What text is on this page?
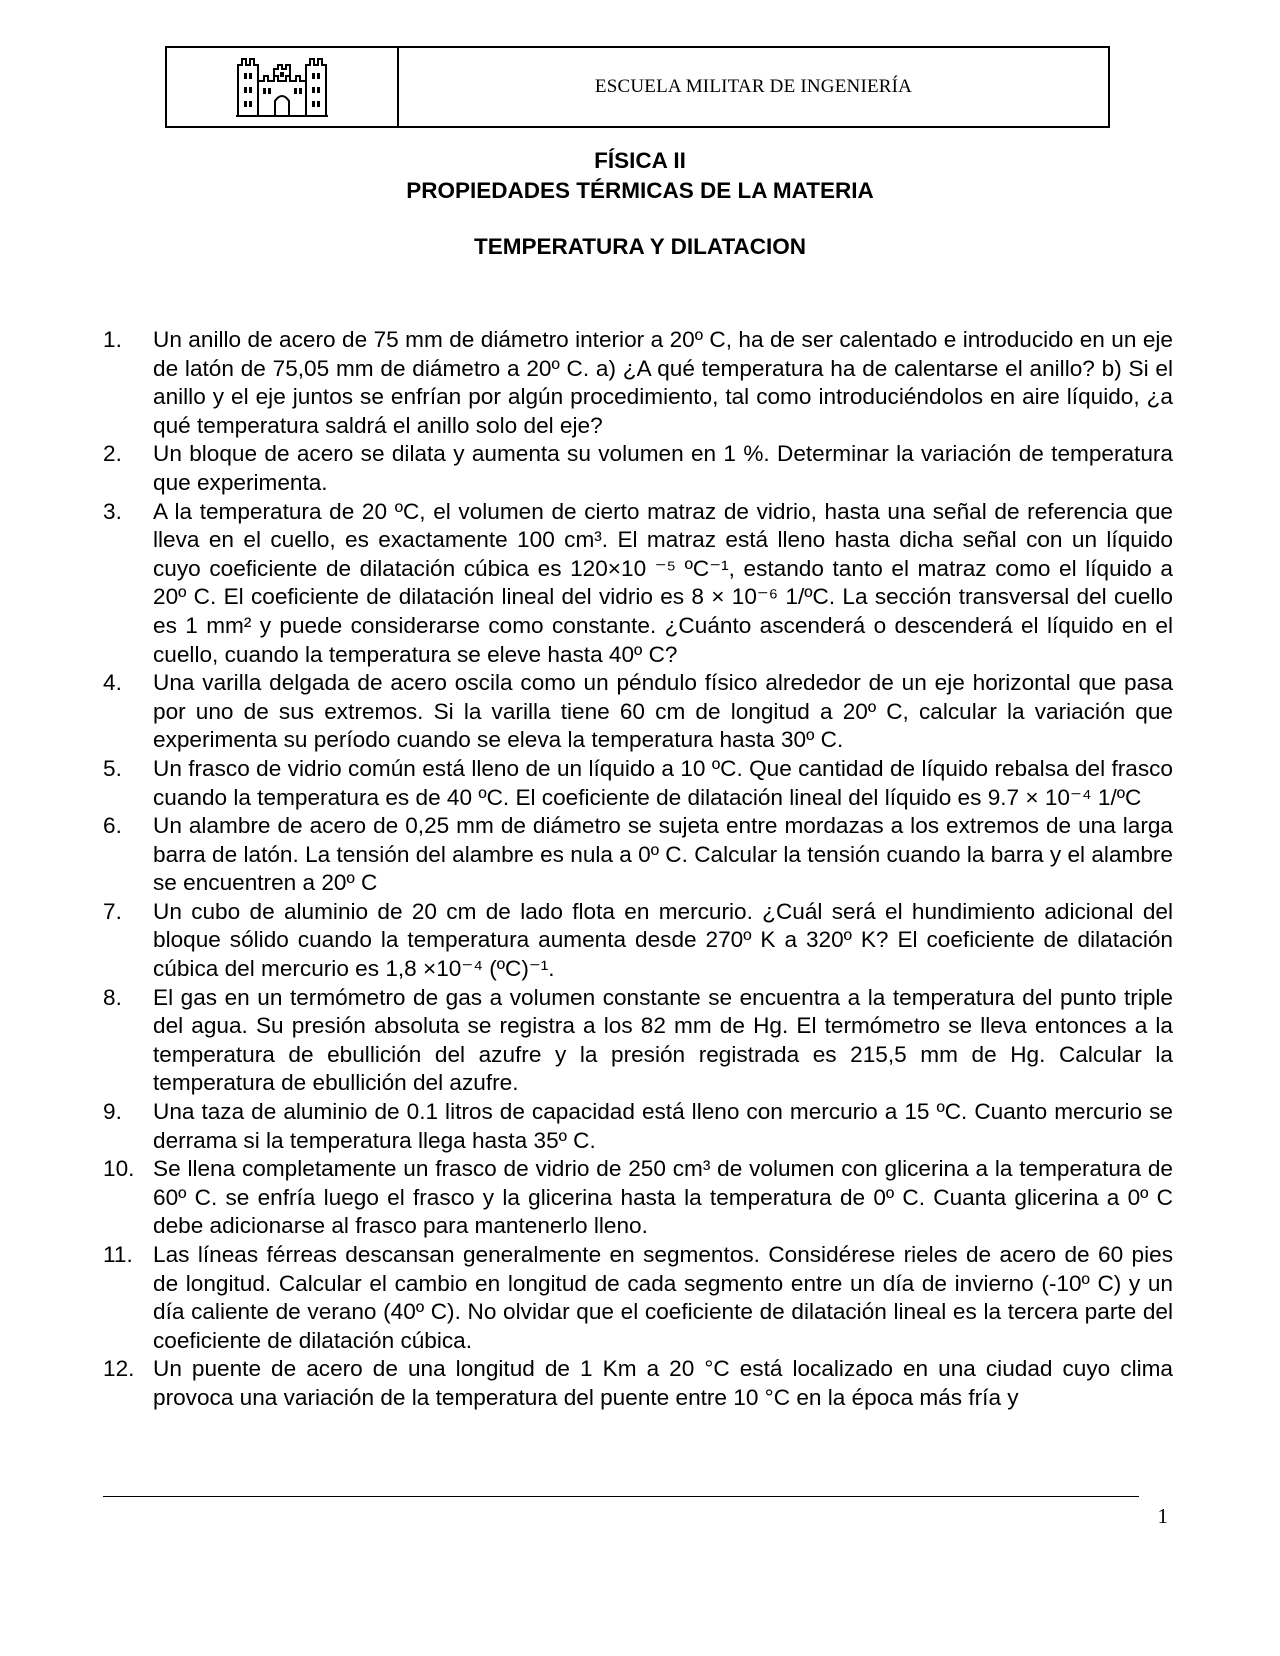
ESCUELA MILITAR DE INGENIERÍA
FÍSICA II
PROPIEDADES TÉRMICAS DE LA MATERIA
TEMPERATURA Y DILATACION
1.	Un anillo de acero de 75 mm de diámetro interior a 20º C, ha de ser calentado e introducido en un eje de latón de 75,05 mm de diámetro a 20º C. a) ¿A qué temperatura ha de calentarse el anillo? b) Si el anillo y el eje juntos se enfrían por algún procedimiento, tal como introduciéndolos en aire líquido, ¿a qué temperatura saldrá el anillo solo del eje?
2.	Un bloque de acero se dilata y aumenta su volumen en 1 %. Determinar la variación de temperatura que experimenta.
3.	A la temperatura de 20 ºC, el volumen de cierto matraz de vidrio, hasta una señal de referencia que lleva en el cuello, es exactamente 100 cm³. El matraz está lleno hasta dicha señal con un líquido cuyo coeficiente de dilatación cúbica es 120×10 ⁻⁵ ºC⁻¹, estando tanto el matraz como el líquido a 20º C. El coeficiente de dilatación lineal del vidrio es 8 × 10⁻⁶ 1/ºC. La sección transversal del cuello es 1 mm² y puede considerarse como constante. ¿Cuánto ascenderá o descenderá el líquido en el cuello, cuando la temperatura se eleve hasta 40º C?
4.	Una varilla delgada de acero oscila como un péndulo físico alrededor de un eje horizontal que pasa por uno de sus extremos. Si la varilla tiene 60 cm de longitud a 20º C, calcular la variación que experimenta su período cuando se eleva la temperatura hasta 30º C.
5.	Un frasco de vidrio común está lleno de un líquido a 10 ºC. Que cantidad de líquido rebalsa del frasco cuando la temperatura es de 40 ºC. El coeficiente de dilatación lineal del líquido es 9.7 × 10⁻⁴ 1/ºC
6.	Un alambre de acero de 0,25 mm de diámetro se sujeta entre mordazas a los extremos de una larga barra de latón. La tensión del alambre es nula a 0º C. Calcular la tensión cuando la barra y el alambre se encuentren a 20º C
7.	Un cubo de aluminio de 20 cm de lado flota en mercurio. ¿Cuál será el hundimiento adicional del bloque sólido cuando la temperatura aumenta desde 270º K a 320º K? El coeficiente de dilatación cúbica del mercurio es 1,8 ×10⁻⁴ (ºC)⁻¹.
8.	El gas en un termómetro de gas a volumen constante se encuentra a la temperatura del punto triple del agua. Su presión absoluta se registra a los 82 mm de Hg. El termómetro se lleva entonces a la temperatura de ebullición del azufre y la presión registrada es 215,5 mm de Hg. Calcular la temperatura de ebullición del azufre.
9.	Una taza de aluminio de 0.1 litros de capacidad está lleno con mercurio a 15 ºC. Cuanto mercurio se derrama si la temperatura llega hasta 35º C.
10. Se llena completamente un frasco de vidrio de 250 cm³ de volumen con glicerina a la temperatura de 60º C. se enfría luego el frasco y la glicerina hasta la temperatura de 0º C. Cuanta glicerina a 0º C debe adicionarse al frasco para mantenerlo lleno.
11. Las líneas férreas descansan generalmente en segmentos. Considérese rieles de acero de 60 pies de longitud. Calcular el cambio en longitud de cada segmento entre un día de invierno (-10º C) y un día caliente de verano (40º C). No olvidar que el coeficiente de dilatación lineal es la tercera parte del coeficiente de dilatación cúbica.
12. Un puente de acero de una longitud de 1 Km a 20 °C está localizado en una ciudad cuyo clima provoca una variación de la temperatura del puente entre 10 °C en la época más fría y
1
